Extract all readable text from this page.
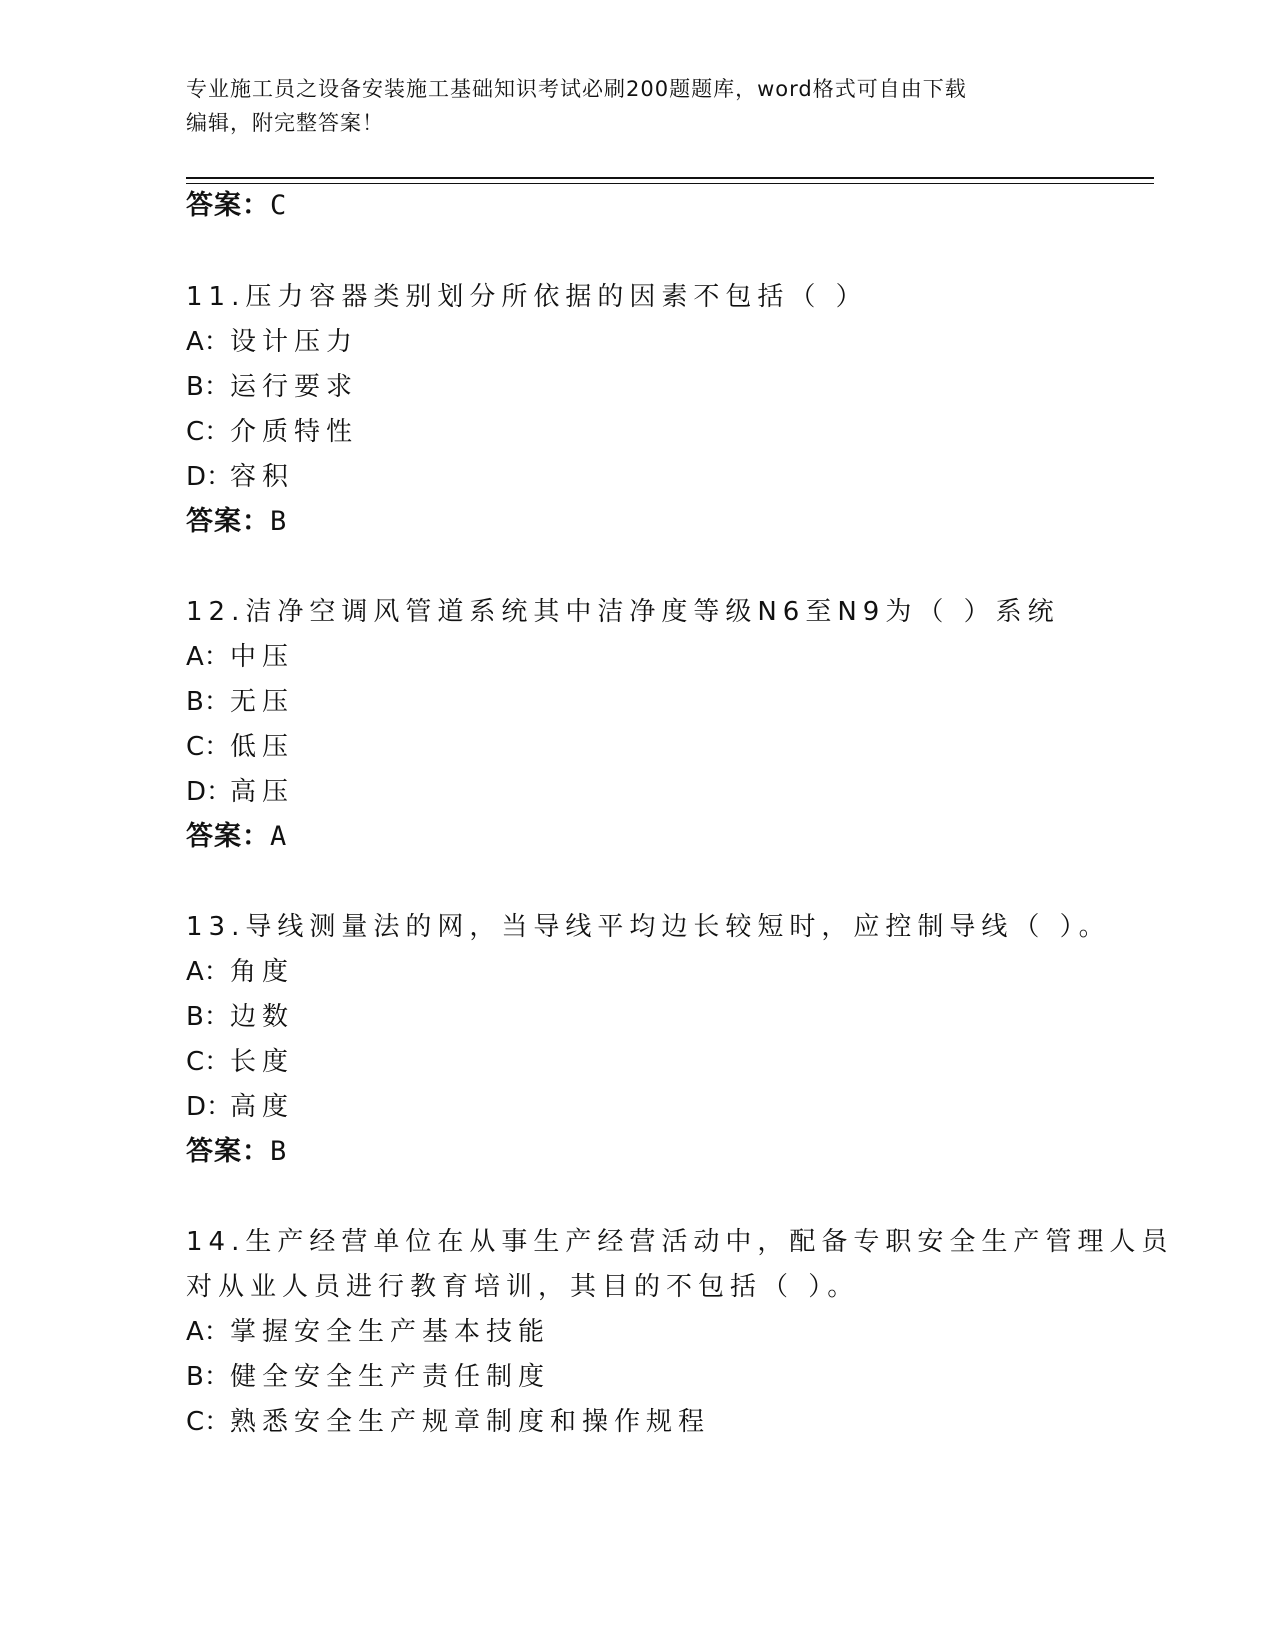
专业施工员之设备安装施工基础知识考试必刷200题题库，word格式可自由下载
编辑，附完整答案！
答案：C
11.压力容器类别划分所依据的因素不包括（ ）
A：设计压力
B：运行要求
C：介质特性
D：容积
答案：B
12.洁净空调风管道系统其中洁净度等级N6至N9为（ ）系统
A：中压
B：无压
C：低压
D：高压
答案：A
13.导线测量法的网，当导线平均边长较短时，应控制导线（ ）。
A：角度
B：边数
C：长度
D：高度
答案：B
14.生产经营单位在从事生产经营活动中，配备专职安全生产管理人员
对从业人员进行教育培训，其目的不包括（ ）。
A：掌握安全生产基本技能
B：健全安全生产责任制度
C：熟悉安全生产规章制度和操作规程
